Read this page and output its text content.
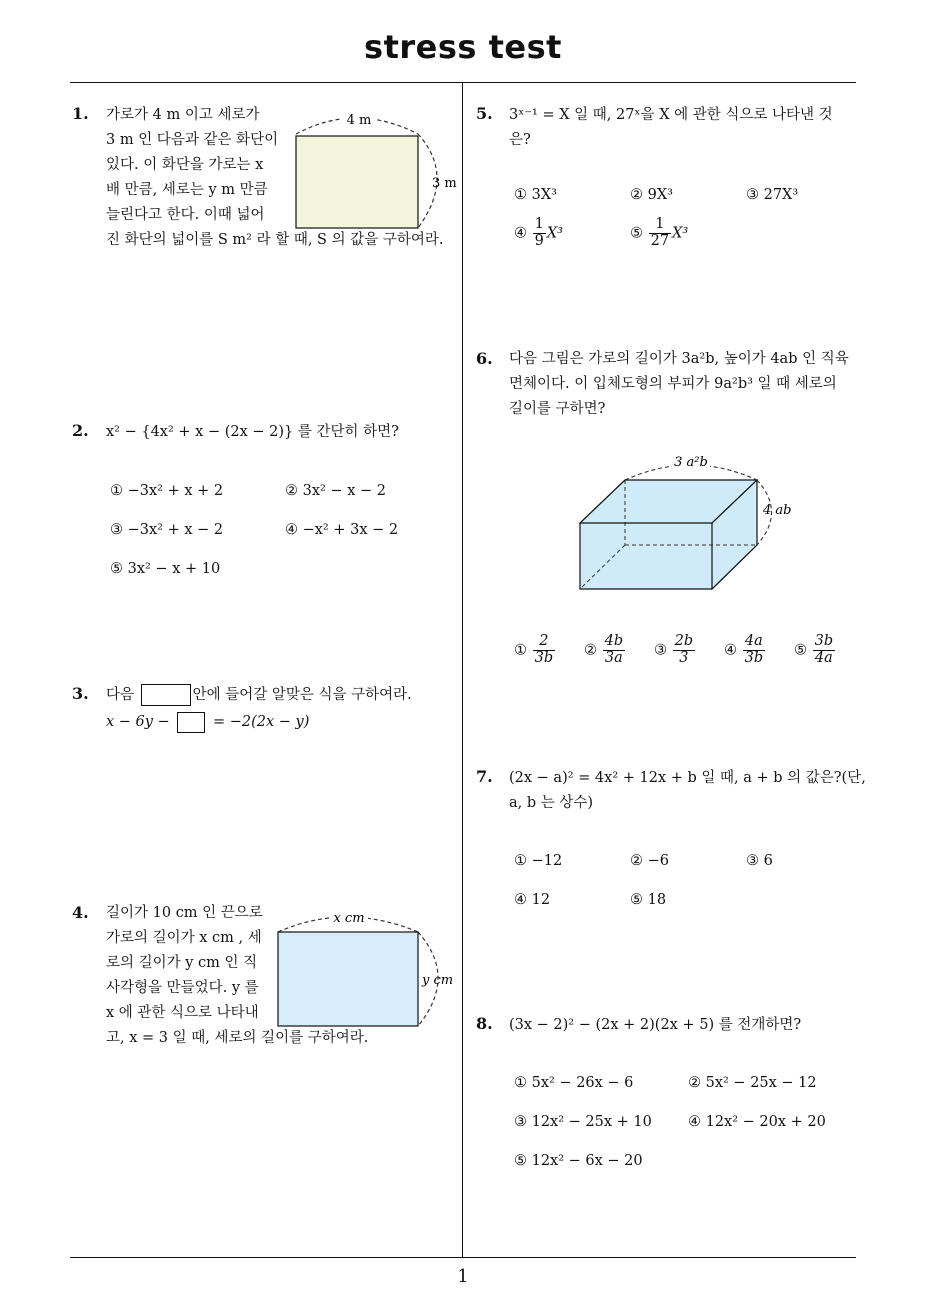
stress test
1
1. 가로가 4 m 이고 세로가
3 m 인 다음과 같은 화단이
있다. 이 화단을 가로는 x
배 만큼, 세로는 y m 만큼
늘린다고 한다. 이때 넓어
진 화단의 넓이를 S m² 라 할 때, S 의 값을 구하여라.
4 m
3 m
2. x² − {4x² + x − (2x − 2)} 를 간단히 하면?
① −3x² + x + 2	② 3x² − x − 2
③ −3x² + x − 2	④ −x² + 3x − 2
⑤ 3x² − x + 10
3. 다음	안에 들어갈 알맞은 식을 구하여라.
x − 6y −	= −2(2x − y)
4. 길이가 10 cm 인 끈으로
가로의 길이가 x cm , 세
로의 길이가 y cm 인 직
사각형을 만들었다. y 를
x 에 관한 식으로 나타내
고, x = 3 일 때, 세로의 길이를 구하여라.
x cm
y cm
5. 3ˣ⁻¹ = X 일 때, 27ˣ을 X 에 관한 식으로 나타낸 것
은?
① 3X³	② 9X³	③ 27X³
④ $\frac{1}{9} X^3$	⑤ $\frac{1}{27} X^3$
6. 다음 그림은 가로의 길이가 3a²b, 높이가 4ab 인 직육
면체이다. 이 입체도형의 부피가 9a²b³ 일 때 세로의
길이를 구하면?
3 a²b
4 ab
① $\frac{2}{3b}$ ② $\frac{4b}{3a}$ ③ $\frac{2b}{3}$ ④ $\frac{4a}{3b}$ ⑤ $\frac{3b}{4a}$
7. (2x − a)² = 4x² + 12x + b 일 때, a + b 의 값은?(단,
a, b 는 상수)
① −12	② −6	③ 6
④ 12	⑤ 18
8. (3x − 2)² − (2x + 2)(2x + 5) 를 전개하면?
① 5x² − 26x − 6	② 5x² − 25x − 12
③ 12x² − 25x + 10 ④ 12x² − 20x + 20
⑤ 12x² − 6x − 20
